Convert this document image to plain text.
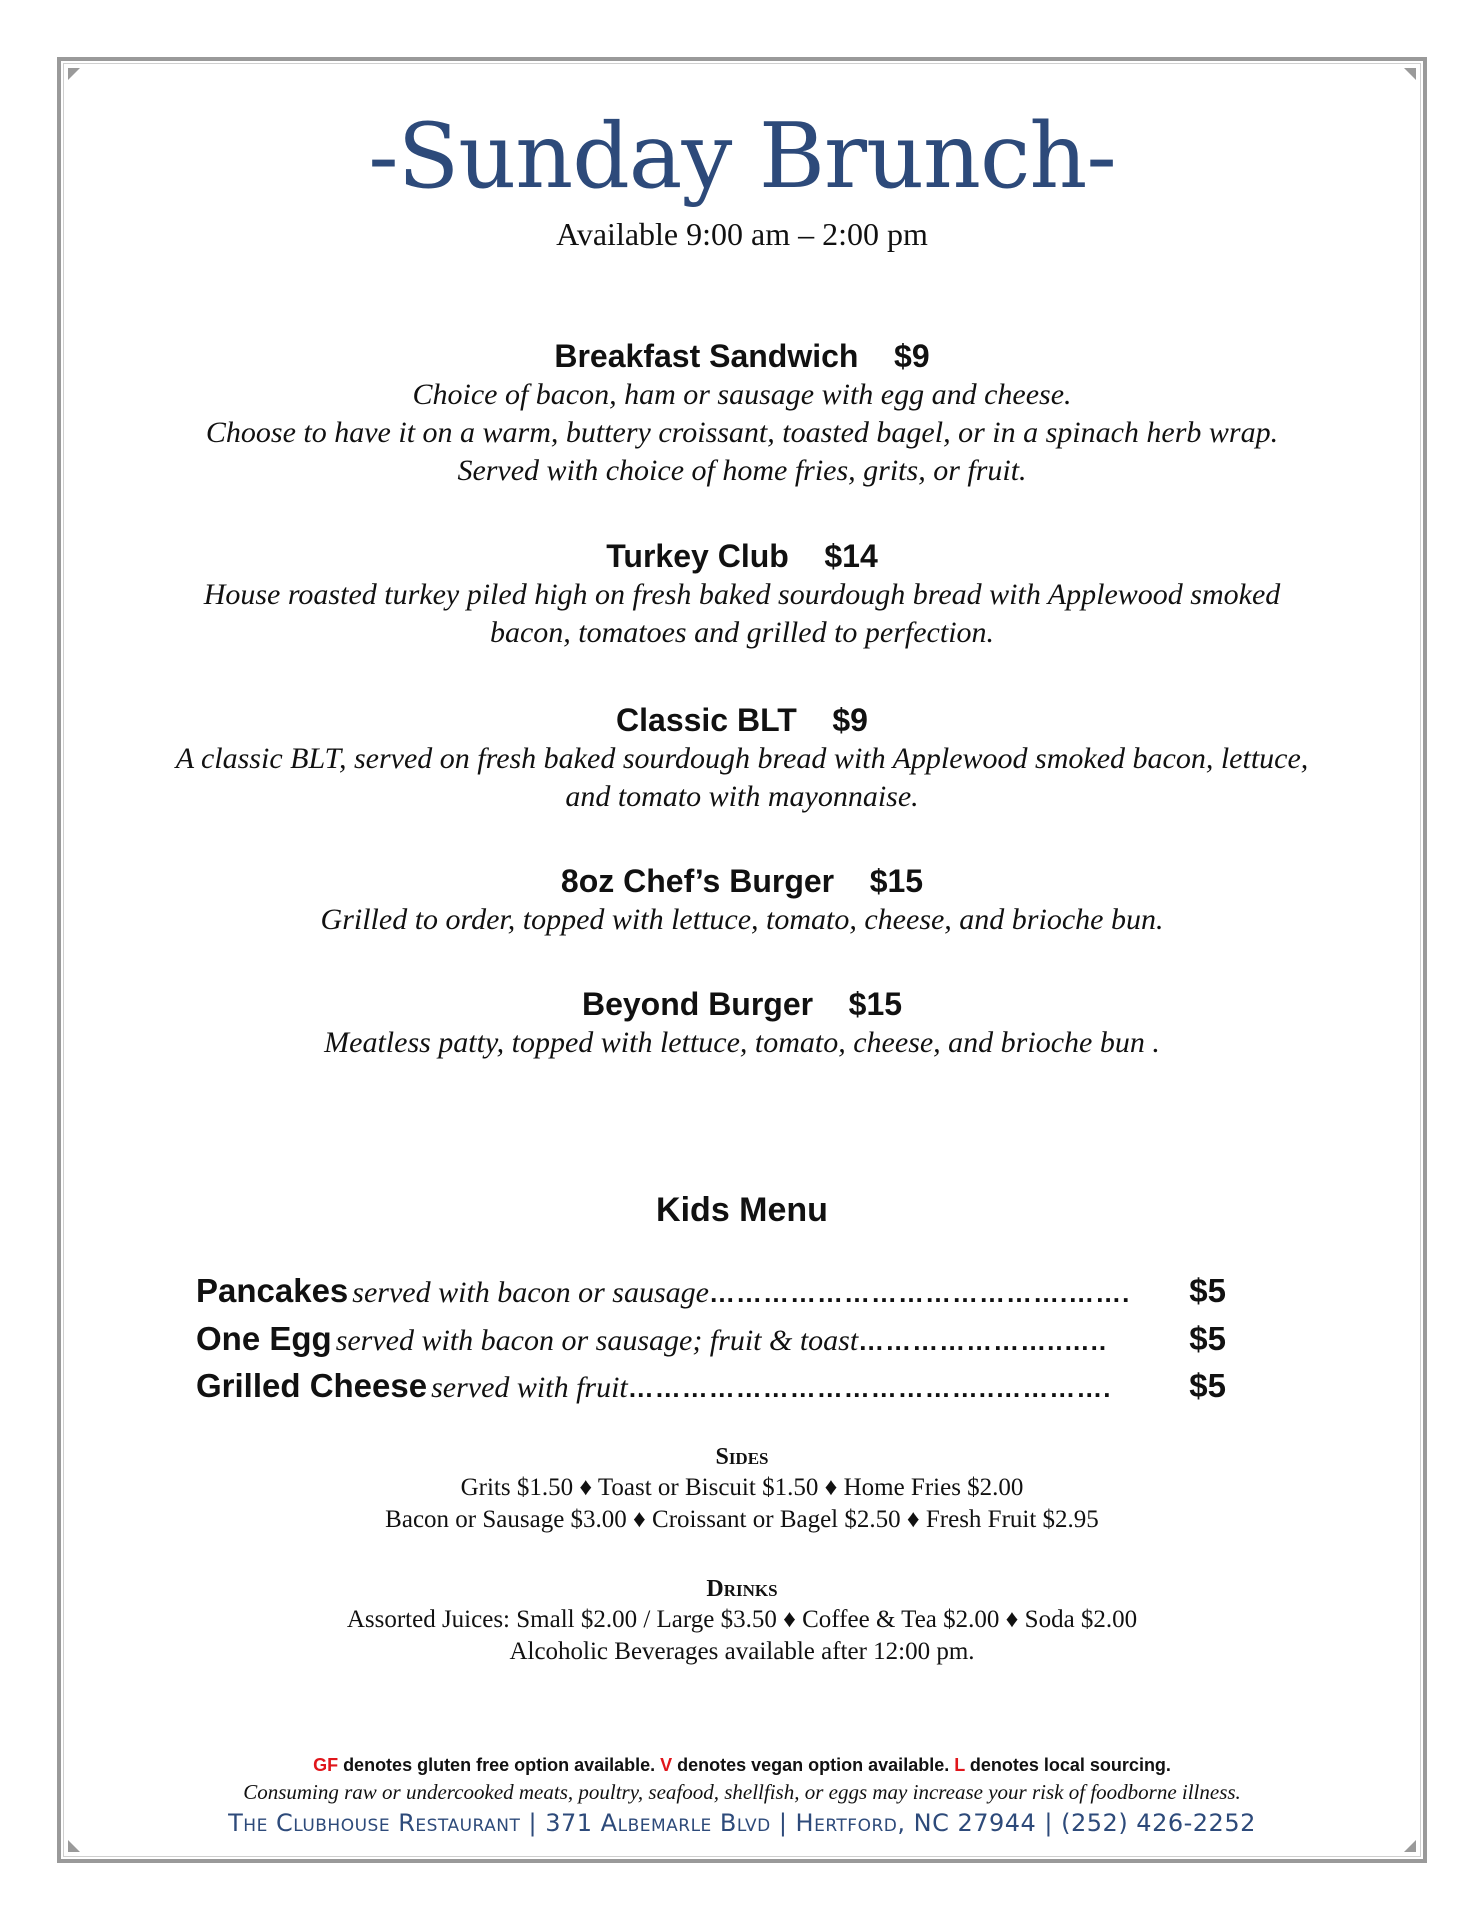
-Sunday Brunch-
Available 9:00 am – 2:00 pm
Breakfast Sandwich $9
Choice of bacon, ham or sausage with egg and cheese.
Choose to have it on a warm, buttery croissant, toasted bagel, or in a spinach herb wrap.
Served with choice of home fries, grits, or fruit.
Turkey Club $14
House roasted turkey piled high on fresh baked sourdough bread with Applewood smoked
bacon, tomatoes and grilled to perfection.
Classic BLT $9
A classic BLT, served on fresh baked sourdough bread with Applewood smoked bacon, lettuce,
and tomato with mayonnaise.
8oz Chef’s Burger $15
Grilled to order, topped with lettuce, tomato, cheese, and brioche bun.
Beyond Burger $15
Meatless patty, topped with lettuce, tomato, cheese, and brioche bun .
Kids Menu
Pancakes served with bacon or sausage………………………………….…….	$5
One Egg served with bacon or sausage; fruit & toast…………………..…..	$5
Grilled Cheese served with fruit…………………………………..………….	$5
Sides
Grits $1.50 ♦ Toast or Biscuit $1.50 ♦ Home Fries $2.00
Bacon or Sausage $3.00 ♦ Croissant or Bagel $2.50 ♦ Fresh Fruit $2.95
Drinks
Assorted Juices: Small $2.00 / Large $3.50 ♦ Coffee & Tea $2.00 ♦ Soda $2.00
Alcoholic Beverages available after 12:00 pm.
GF denotes gluten free option available. V denotes vegan option available. L denotes local sourcing.
Consuming raw or undercooked meats, poultry, seafood, shellfish, or eggs may increase your risk of foodborne illness.
The Clubhouse Restaurant | 371 Albemarle Blvd | Hertford, NC 27944 | (252) 426-2252
